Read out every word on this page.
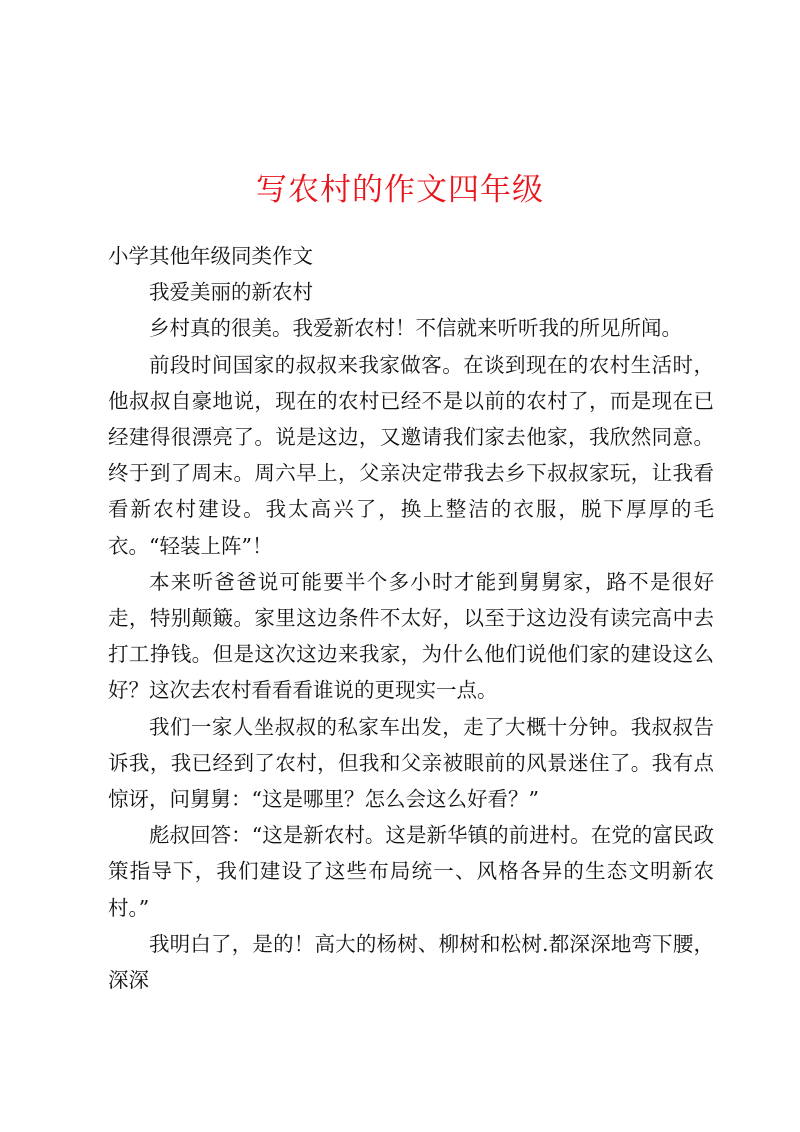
写农村的作文四年级

小学其他年级同类作文

我爱美丽的新农村

乡村真的很美。我爱新农村！不信就来听听我的所见所闻。

前段时间国家的叔叔来我家做客。在谈到现在的农村生活时，他叔叔自豪地说，现在的农村已经不是以前的农村了，而是现在已经建得很漂亮了。说是这边，又邀请我们家去他家，我欣然同意。终于到了周末。周六早上，父亲决定带我去乡下叔叔家玩，让我看看新农村建设。我太高兴了，换上整洁的衣服，脱下厚厚的毛衣。“轻装上阵”！

本来听爸爸说可能要半个多小时才能到舅舅家，路不是很好走，特别颠簸。家里这边条件不太好，以至于这边没有读完高中去打工挣钱。但是这次这边来我家，为什么他们说他们家的建设这么好？这次去农村看看看谁说的更现实一点。

我们一家人坐叔叔的私家车出发，走了大概十分钟。我叔叔告诉我，我已经到了农村，但我和父亲被眼前的风景迷住了。我有点惊讶，问舅舅：“这是哪里？怎么会这么好看？”

彪叔回答：“这是新农村。这是新华镇的前进村。在党的富民政策指导下，我们建设了这些布局统一、风格各异的生态文明新农村。”

我明白了，是的！高大的杨树、柳树和松树.都深深地弯下腰，深深
